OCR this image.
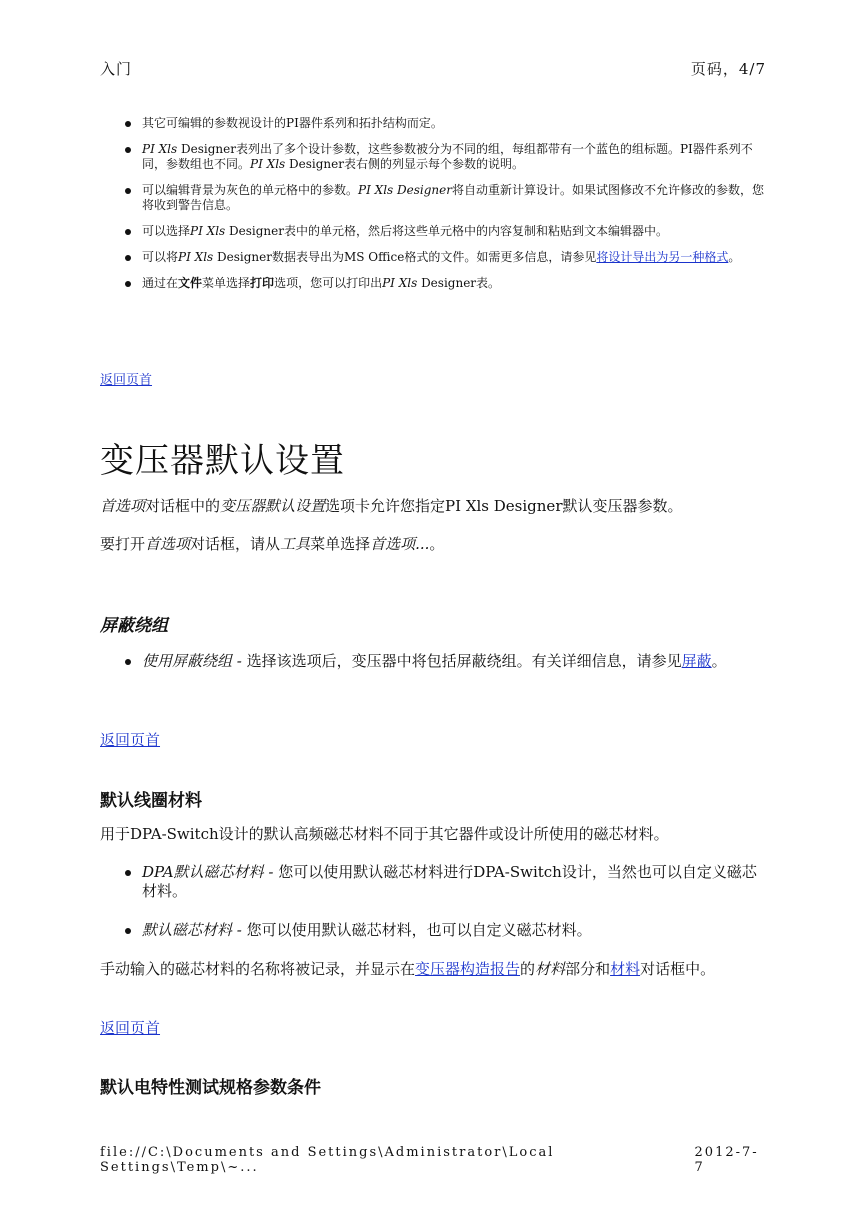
入门	页码，4/7
其它可编辑的参数视设计的PI器件系列和拓扑结构而定。
PI Xls Designer表列出了多个设计参数，这些参数被分为不同的组，每组都带有一个蓝色的组标题。PI器件系列不同，参数组也不同。PI Xls Designer表右侧的列显示每个参数的说明。
可以编辑背景为灰色的单元格中的参数。PI Xls Designer将自动重新计算设计。如果试图修改不允许修改的参数，您将收到警告信息。
可以选择PI Xls Designer表中的单元格，然后将这些单元格中的内容复制和粘贴到文本编辑器中。
可以将PI Xls Designer数据表导出为MS Office格式的文件。如需更多信息，请参见将设计导出为另一种格式。
通过在文件菜单选择打印选项，您可以打印出PI Xls Designer表。
返回页首
变压器默认设置

首选项对话框中的变压器默认设置选项卡允许您指定PI Xls Designer默认变压器参数。

要打开首选项对话框，请从工具菜单选择首选项...。

屏蔽绕组
使用屏蔽绕组 - 选择该选项后，变压器中将包括屏蔽绕组。有关详细信息，请参见屏蔽。
返回页首
默认线圈材料

用于DPA-Switch设计的默认高频磁芯材料不同于其它器件或设计所使用的磁芯材料。

DPA默认磁芯材料 - 您可以使用默认磁芯材料进行DPA-Switch设计，当然也可以自定义磁芯材料。
默认磁芯材料 - 您可以使用默认磁芯材料，也可以自定义磁芯材料。

手动输入的磁芯材料的名称将被记录，并显示在变压器构造报告的材料部分和材料对话框中。

返回页首
默认电特性测试规格参数条件
file://C:\Documents and Settings\Administrator\Local Settings\Temp\~...
2012-7-7
